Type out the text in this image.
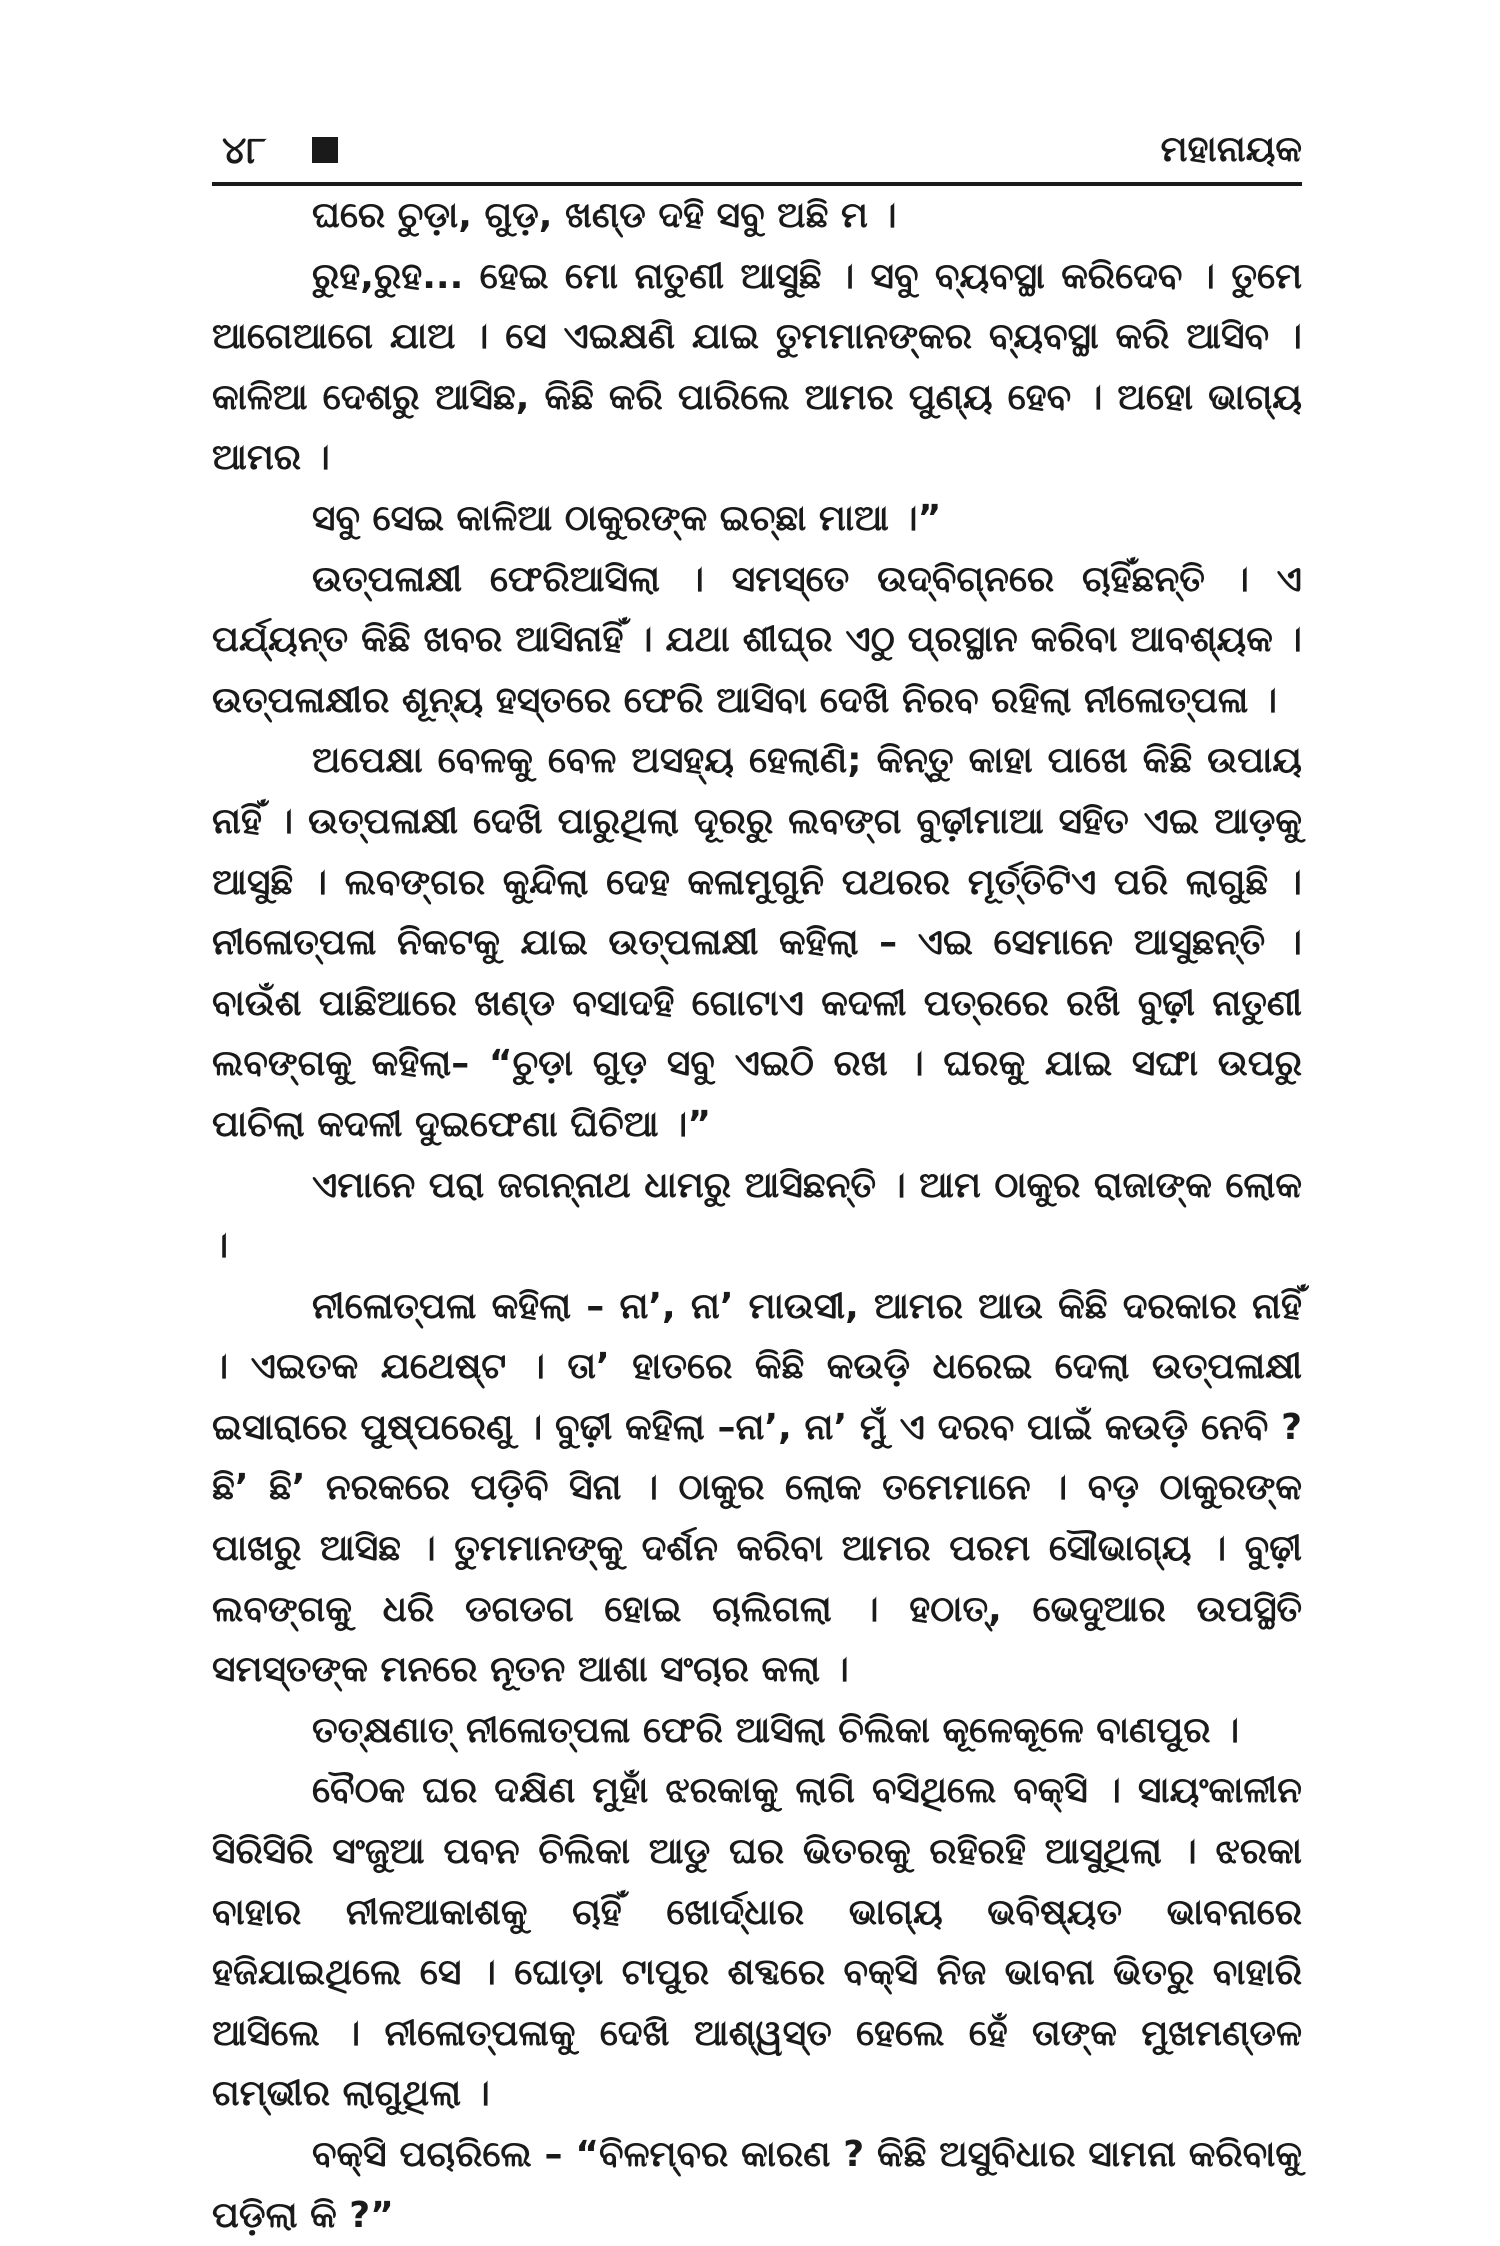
୪୮	ମହାନାୟକ

ଘରେ ଚୁଡ଼ା, ଗୁଡ଼, ଖଣ୍ଡ ଦହି ସବୁ ଅଛି ମ ।

ରୁହ,ରୁହ... ହେଇ ମୋ ନାତୁଣୀ ଆସୁଛି । ସବୁ ବ୍ୟବସ୍ଥା କରିଦେବ । ତୁମେ ଆଗେଆଗେ ଯାଅ । ସେ ଏଇକ୍ଷଣି ଯାଇ ତୁମମାନଙ୍କର ବ୍ୟବସ୍ଥା କରି ଆସିବ । କାଳିଆ ଦେଶରୁ ଆସିଛ, କିଛି କରି ପାରିଲେ ଆମର ପୁଣ୍ୟ ହେବ । ଅହୋ ଭାଗ୍ୟ ଆମର ।

ସବୁ ସେଇ କାଳିଆ ଠାକୁରଙ୍କ ଇଚ୍ଛା ମାଆ ।”

ଉତ୍ପଳାକ୍ଷୀ ଫେରିଆସିଲା । ସମସ୍ତେ ଉଦ୍‌ବିଗ୍ନରେ ଚାହିଁଛନ୍ତି । ଏ ପର୍ଯ୍ୟନ୍ତ କିଛି ଖବର ଆସିନାହିଁ । ଯଥା ଶୀଘ୍ର ଏଠୁ ପ୍ରସ୍ଥାନ କରିବା ଆବଶ୍ୟକ । ଉତ୍ପଳାକ୍ଷୀର ଶୂନ୍ୟ ହସ୍ତରେ ଫେରି ଆସିବା ଦେଖି ନିରବ ରହିଲା ନୀଳୋତ୍ପଳା ।

ଅପେକ୍ଷା ବେଳକୁ ବେଳ ଅସହ୍ୟ ହେଲାଣି; କିନ୍ତୁ କାହା ପାଖେ କିଛି ଉପାୟ ନାହିଁ । ଉତ୍ପଳାକ୍ଷୀ ଦେଖି ପାରୁଥିଲା ଦୂରରୁ ଲବଙ୍ଗ ବୁଢ଼ୀମାଆ ସହିତ ଏଇ ଆଡ଼କୁ ଆସୁଛି । ଲବଙ୍ଗର କୁନ୍ଦିଲା ଦେହ କଳାମୁଗୁନି ପଥରର ମୂର୍ତ୍ତିଟିଏ ପରି ଲାଗୁଛି । ନୀଳୋତ୍ପଳା ନିକଟକୁ ଯାଇ ଉତ୍ପଳାକ୍ଷୀ କହିଲା – ଏଇ ସେମାନେ ଆସୁଛନ୍ତି । ବାଉଁଶ ପାଛିଆରେ ଖଣ୍ଡ ବସାଦହି ଗୋଟାଏ କଦଳୀ ପତ୍ରରେ ରଖି ବୁଢ଼ୀ ନାତୁଣୀ ଲବଙ୍ଗକୁ କହିଲା– “ଚୁଡ଼ା ଗୁଡ଼ ସବୁ ଏଇଠି ରଖ । ଘରକୁ ଯାଇ ସଙ୍ଘା ଉପରୁ ପାଚିଲା କଦଳୀ ଦୁଇଫେଣା ଘିଚିଆ ।”

ଏମାନେ ପରା ଜଗନ୍ନାଥ ଧାମରୁ ଆସିଛନ୍ତି । ଆମ ଠାକୁର ରାଜାଙ୍କ ଲୋକ ।

ନୀଳୋତ୍ପଳା କହିଲା – ନା’, ନା’ ମାଉସୀ, ଆମର ଆଉ କିଛି ଦରକାର ନାହିଁ । ଏଇତକ ଯଥେଷ୍ଟ । ତା’ ହାତରେ କିଛି କଉଡ଼ି ଧରେଇ ଦେଲା ଉତ୍ପଳାକ୍ଷୀ ଇସାରାରେ ପୁଷ୍ପରେଣୁ । ବୁଢ଼ୀ କହିଲା –ନା’, ନା’ ମୁଁ ଏ ଦରବ ପାଇଁ କଉଡ଼ି ନେବି ? ଛି’ ଛି’ ନରକରେ ପଡ଼ିବି ସିନା । ଠାକୁର ଲୋକ ତମେମାନେ । ବଡ଼ ଠାକୁରଙ୍କ ପାଖରୁ ଆସିଛ । ତୁମମାନଙ୍କୁ ଦର୍ଶନ କରିବା ଆମର ପରମ ସୌଭାଗ୍ୟ । ବୁଢ଼ୀ ଲବଙ୍ଗକୁ ଧରି ଡଗଡଗ ହୋଇ ଚାଲିଗଲା । ହଠାତ୍, ଭେଦୁଆର ଉପସ୍ଥିତି ସମସ୍ତଙ୍କ ମନରେ ନୂତନ ଆଶା ସଂଚାର କଲା ।

ତତ୍‌କ୍ଷଣାତ୍ ନୀଳୋତ୍ପଳା ଫେରି ଆସିଲା ଚିଲିକା କୂଳେକୂଳେ ବାଣପୁର ।

ବୈଠକ ଘର ଦକ୍ଷିଣ ମୁହାଁ ଝରକାକୁ ଲାଗି ବସିଥିଲେ ବକ୍ସି । ସାୟଂକାଳୀନ ସିରିସିରି ସଂଜୁଆ ପବନ ଚିଲିକା ଆଡୁ ଘର ଭିତରକୁ ରହିରହି ଆସୁଥିଲା । ଝରକା ବାହାର ନୀଳଆକାଶକୁ ଚାହିଁ ଖୋର୍ଦ୍ଧାର ଭାଗ୍ୟ ଭବିଷ୍ୟତ ଭାବନାରେ ହଜିଯାଇଥିଲେ ସେ । ଘୋଡ଼ା ଟାପୁର ଶବ୍ଦରେ ବକ୍ସି ନିଜ ଭାବନା ଭିତରୁ ବାହାରି ଆସିଲେ । ନୀଳୋତ୍ପଳାକୁ ଦେଖି ଆଶ୍ୱସ୍ତ ହେଲେ ହେଁ ତାଙ୍କ ମୁଖମଣ୍ଡଳ ଗମ୍ଭୀର ଲାଗୁଥିଲା ।

ବକ୍ସି ପଚାରିଲେ – “ବିଳମ୍ବର କାରଣ ? କିଛି ଅସୁବିଧାର ସାମନା କରିବାକୁ ପଡ଼ିଲା କି ?”
